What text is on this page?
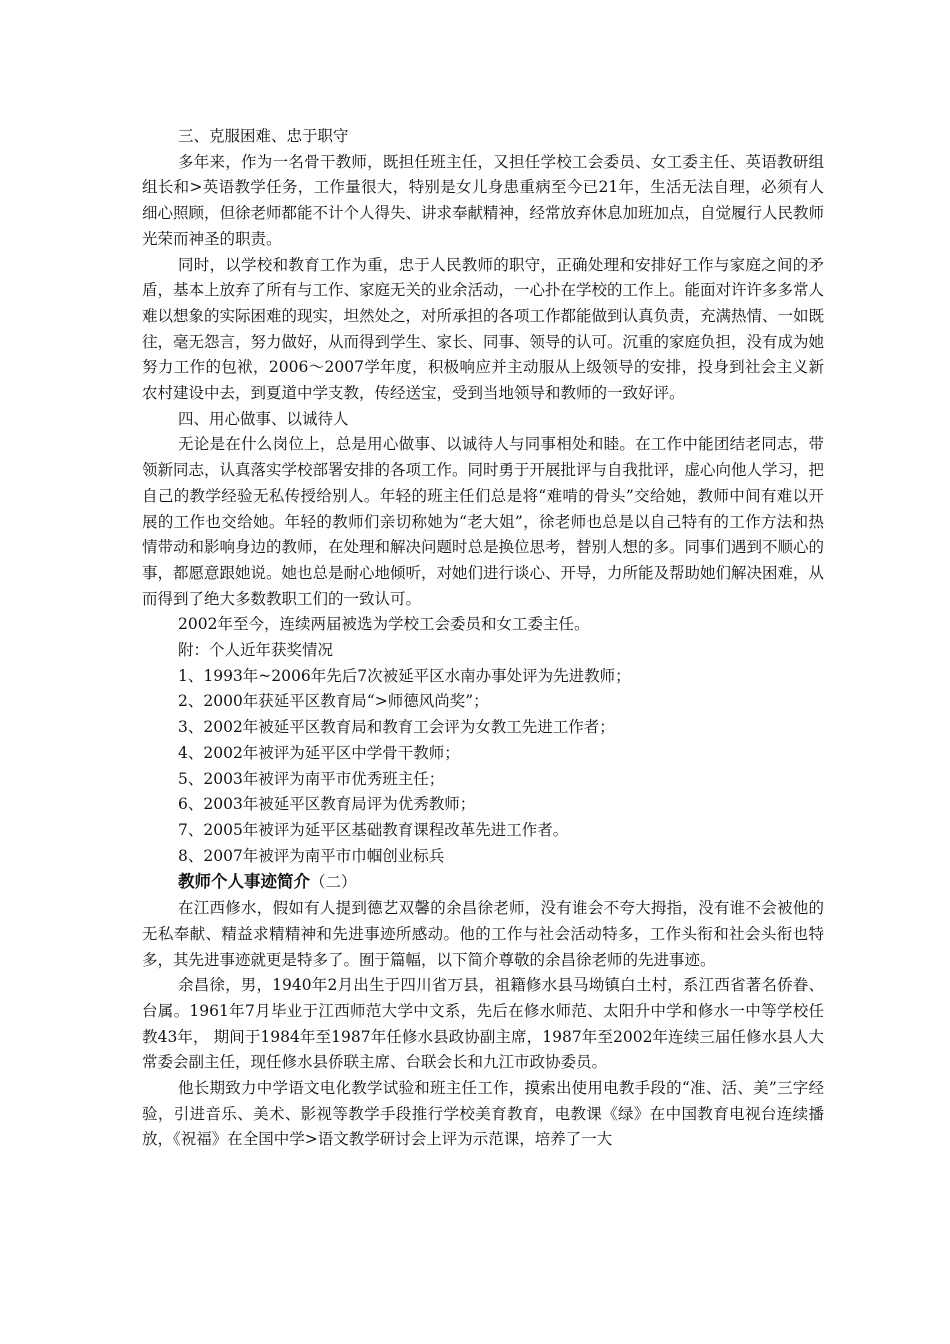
三、克服困难、忠于职守

多年来，作为一名骨干教师，既担任班主任，又担任学校工会委员、女工委主任、英语教研组组长和>英语教学任务，工作量很大，特别是女儿身患重病至今已21年，生活无法自理，必须有人细心照顾，但徐老师都能不计个人得失、讲求奉献精神，经常放弃休息加班加点，自觉履行人民教师光荣而神圣的职责。

同时，以学校和教育工作为重，忠于人民教师的职守，正确处理和安排好工作与家庭之间的矛盾，基本上放弃了所有与工作、家庭无关的业余活动，一心扑在学校的工作上。能面对许许多多常人难以想象的实际困难的现实，坦然处之，对所承担的各项工作都能做到认真负责，充满热情、一如既往，毫无怨言，努力做好，从而得到学生、家长、同事、领导的认可。沉重的家庭负担，没有成为她努力工作的包袱，2006～2007学年度，积极响应并主动服从上级领导的安排，投身到社会主义新农村建设中去，到夏道中学支教，传经送宝，受到当地领导和教师的一致好评。

四、用心做事、以诚待人

无论是在什么岗位上，总是用心做事、以诚待人与同事相处和睦。在工作中能团结老同志，带领新同志，认真落实学校部署安排的各项工作。同时勇于开展批评与自我批评，虚心向他人学习，把自己的教学经验无私传授给别人。年轻的班主任们总是将“难啃的骨头”交给她，教师中间有难以开展的工作也交给她。年轻的教师们亲切称她为“老大姐”，徐老师也总是以自己特有的工作方法和热情带动和影响身边的教师，在处理和解决问题时总是换位思考，替别人想的多。同事们遇到不顺心的事，都愿意跟她说。她也总是耐心地倾听，对她们进行谈心、开导，力所能及帮助她们解决困难，从而得到了绝大多数教职工们的一致认可。

2002年至今，连续两届被选为学校工会委员和女工委主任。

附：个人近年获奖情况

1、1993年~2006年先后7次被延平区水南办事处评为先进教师；

2、2000年获延平区教育局“>师德风尚奖”；

3、2002年被延平区教育局和教育工会评为女教工先进工作者；

4、2002年被评为延平区中学骨干教师；

5、2003年被评为南平市优秀班主任；

6、2003年被延平区教育局评为优秀教师；

7、2005年被评为延平区基础教育课程改革先进工作者。

8、2007年被评为南平市巾帼创业标兵

教师个人事迹简介（二）

在江西修水，假如有人提到德艺双馨的余昌徐老师，没有谁会不夸大拇指，没有谁不会被他的无私奉献、精益求精精神和先进事迹所感动。他的工作与社会活动特多，工作头衔和社会头衔也特多，其先进事迹就更是特多了。囿于篇幅，以下简介尊敬的余昌徐老师的先进事迹。

余昌徐，男，1940年2月出生于四川省万县，祖籍修水县马坳镇白土村，系江西省著名侨眷、台属。1961年7月毕业于江西师范大学中文系，先后在修水师范、太阳升中学和修水一中等学校任教43年， 期间于1984年至1987年任修水县政协副主席，1987年至2002年连续三届任修水县人大常委会副主任，现任修水县侨联主席、台联会长和九江市政协委员。

他长期致力中学语文电化教学试验和班主任工作，摸索出使用电教手段的“准、活、美”三字经验，引进音乐、美术、影视等教学手段推行学校美育教育，电教课《绿》在中国教育电视台连续播放，《祝福》在全国中学>语文教学研讨会上评为示范课，培养了一大
